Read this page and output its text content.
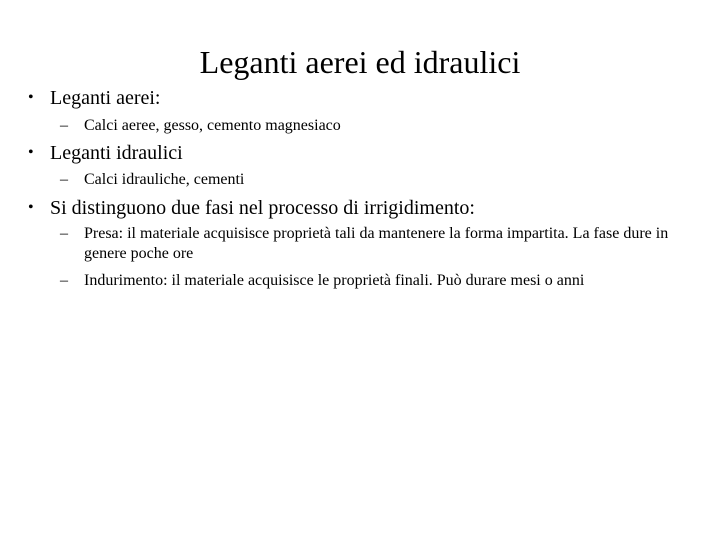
Leganti aerei ed idraulici
• Leganti aerei:
– Calci aeree, gesso, cemento magnesiaco
• Leganti idraulici
– Calci idrauliche, cementi
• Si distinguono due fasi nel processo di irrigidimento:
– Presa: il materiale acquisisce proprietà tali da mantenere la forma impartita. La fase dure in genere poche ore
– Indurimento: il materiale acquisisce le proprietà finali. Può durare mesi o anni
